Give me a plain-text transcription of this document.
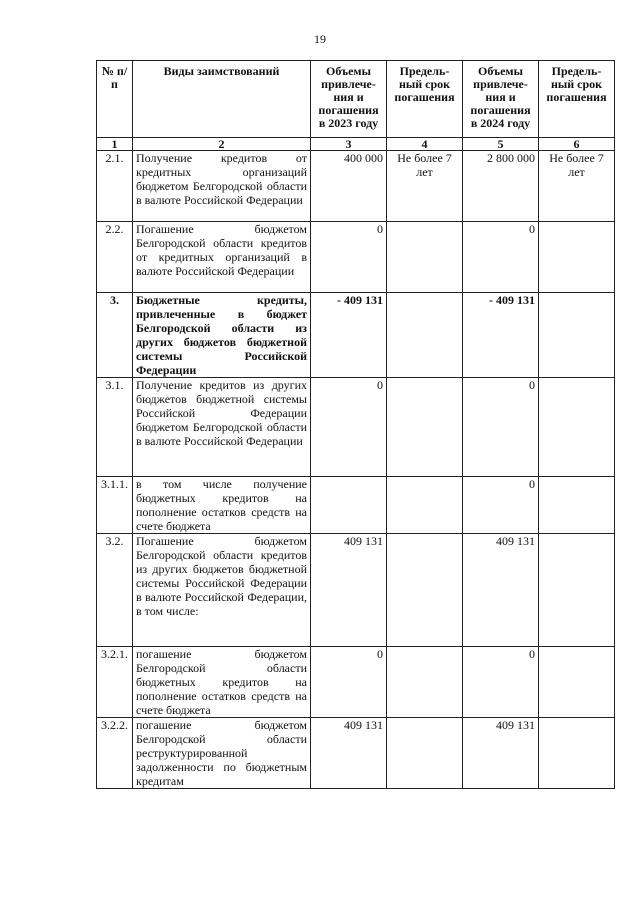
19
№ п/п	Виды заимствований	Объемы привлече-ния и погашения в 2023 году	Предель-ный срок погашения	Объемы привлече-ния и погашения в 2024 году	Предель-ный срок погашения
1	2	3	4	5	6
2.1.	Получение кредитов от кредитных организаций бюджетом Белгородской области в валюте Российской Федерации	400 000	Не более 7 лет	2 800 000	Не более 7 лет
2.2.	Погашение бюджетом Белгородской области кредитов от кредитных организаций в валюте Российской Федерации	0		0	
3.	Бюджетные кредиты, привлеченные в бюджет Белгородской области из других бюджетов бюджетной системы Российской Федерации	- 409 131		- 409 131	
3.1.	Получение кредитов из других бюджетов бюджетной системы Российской Федерации бюджетом Белгородской области в валюте Российской Федерации	0		0	
3.1.1.	в том числе получение бюджетных кредитов на пополнение остатков средств на счете бюджета			0	
3.2.	Погашение бюджетом Белгородской области кредитов из других бюджетов бюджетной системы Российской Федерации в валюте Российской Федерации, в том числе:	409 131		409 131	
3.2.1.	погашение бюджетом Белгородской области бюджетных кредитов на пополнение остатков средств на счете бюджета	0		0	
3.2.2.	погашение бюджетом Белгородской области реструктурированной задолженности по бюджетным кредитам	409 131		409 131	
